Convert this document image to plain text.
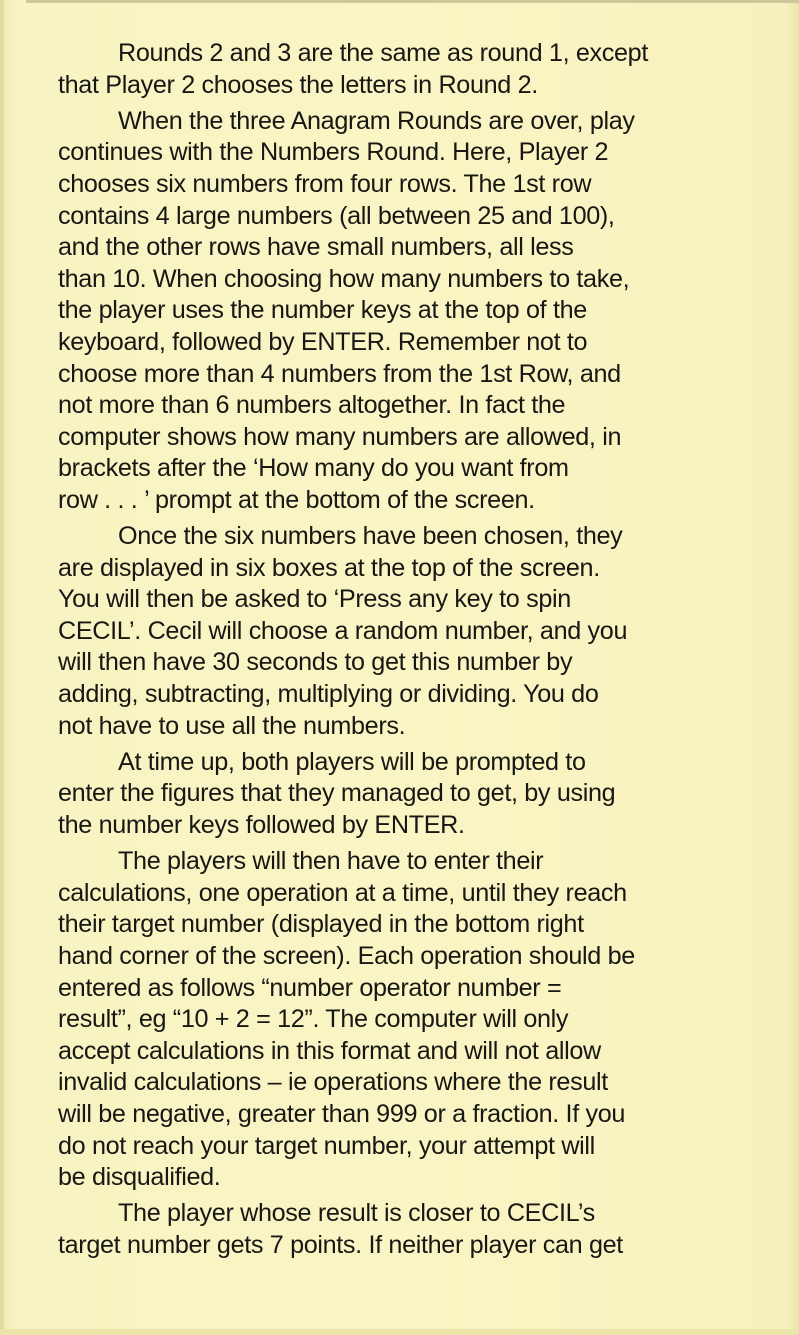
Rounds 2 and 3 are the same as round 1, except
that Player 2 chooses the letters in Round 2.

When the three Anagram Rounds are over, play
continues with the Numbers Round. Here, Player 2
chooses six numbers from four rows. The 1st row
contains 4 large numbers (all between 25 and 100),
and the other rows have small numbers, all less
than 10. When choosing how many numbers to take,
the player uses the number keys at the top of the
keyboard, followed by ENTER. Remember not to
choose more than 4 numbers from the 1st Row, and
not more than 6 numbers altogether. In fact the
computer shows how many numbers are allowed, in
brackets after the ‘How many do you want from
row . . . ’ prompt at the bottom of the screen.

Once the six numbers have been chosen, they
are displayed in six boxes at the top of the screen.
You will then be asked to ‘Press any key to spin
CECIL’. Cecil will choose a random number, and you
will then have 30 seconds to get this number by
adding, subtracting, multiplying or dividing. You do
not have to use all the numbers.

At time up, both players will be prompted to
enter the figures that they managed to get, by using
the number keys followed by ENTER.

The players will then have to enter their
calculations, one operation at a time, until they reach
their target number (displayed in the bottom right
hand corner of the screen). Each operation should be
entered as follows “number operator number =
result”, eg “10 + 2 = 12”. The computer will only
accept calculations in this format and will not allow
invalid calculations – ie operations where the result
will be negative, greater than 999 or a fraction. If you
do not reach your target number, your attempt will
be disqualified.

The player whose result is closer to CECIL’s
target number gets 7 points. If neither player can get
